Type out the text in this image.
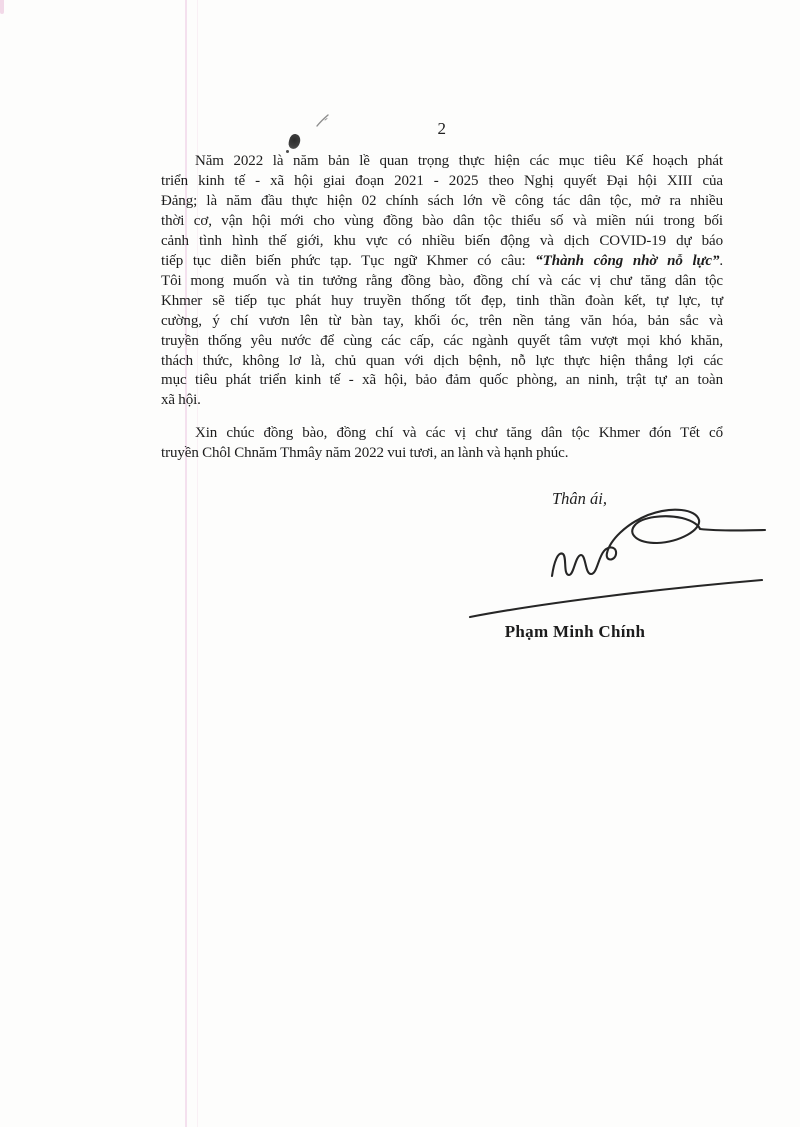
2
Năm 2022 là năm bản lề quan trọng thực hiện các mục tiêu Kế hoạch phát
triển kinh tế - xã hội giai đoạn 2021 - 2025 theo Nghị quyết Đại hội XIII của
Đảng; là năm đầu thực hiện 02 chính sách lớn về công tác dân tộc, mở ra nhiều
thời cơ, vận hội mới cho vùng đồng bào dân tộc thiểu số và miền núi trong bối
cảnh tình hình thế giới, khu vực có nhiều biến động và dịch COVID-19 dự báo
tiếp tục diễn biến phức tạp. Tục ngữ Khmer có câu: “Thành công nhờ nỗ lực”.
Tôi mong muốn và tin tưởng rằng đồng bào, đồng chí và các vị chư tăng dân tộc
Khmer sẽ tiếp tục phát huy truyền thống tốt đẹp, tinh thần đoàn kết, tự lực, tự
cường, ý chí vươn lên từ bàn tay, khối óc, trên nền tảng văn hóa, bản sắc và
truyền thống yêu nước để cùng các cấp, các ngành quyết tâm vượt mọi khó khăn,
thách thức, không lơ là, chủ quan với dịch bệnh, nỗ lực thực hiện thắng lợi các
mục tiêu phát triển kinh tế - xã hội, bảo đảm quốc phòng, an ninh, trật tự an toàn
xã hội.
Xin chúc đồng bào, đồng chí và các vị chư tăng dân tộc Khmer đón Tết cổ
truyền Chôl Chnăm Thmây năm 2022 vui tươi, an lành và hạnh phúc.
Thân ái,
Phạm Minh Chính
